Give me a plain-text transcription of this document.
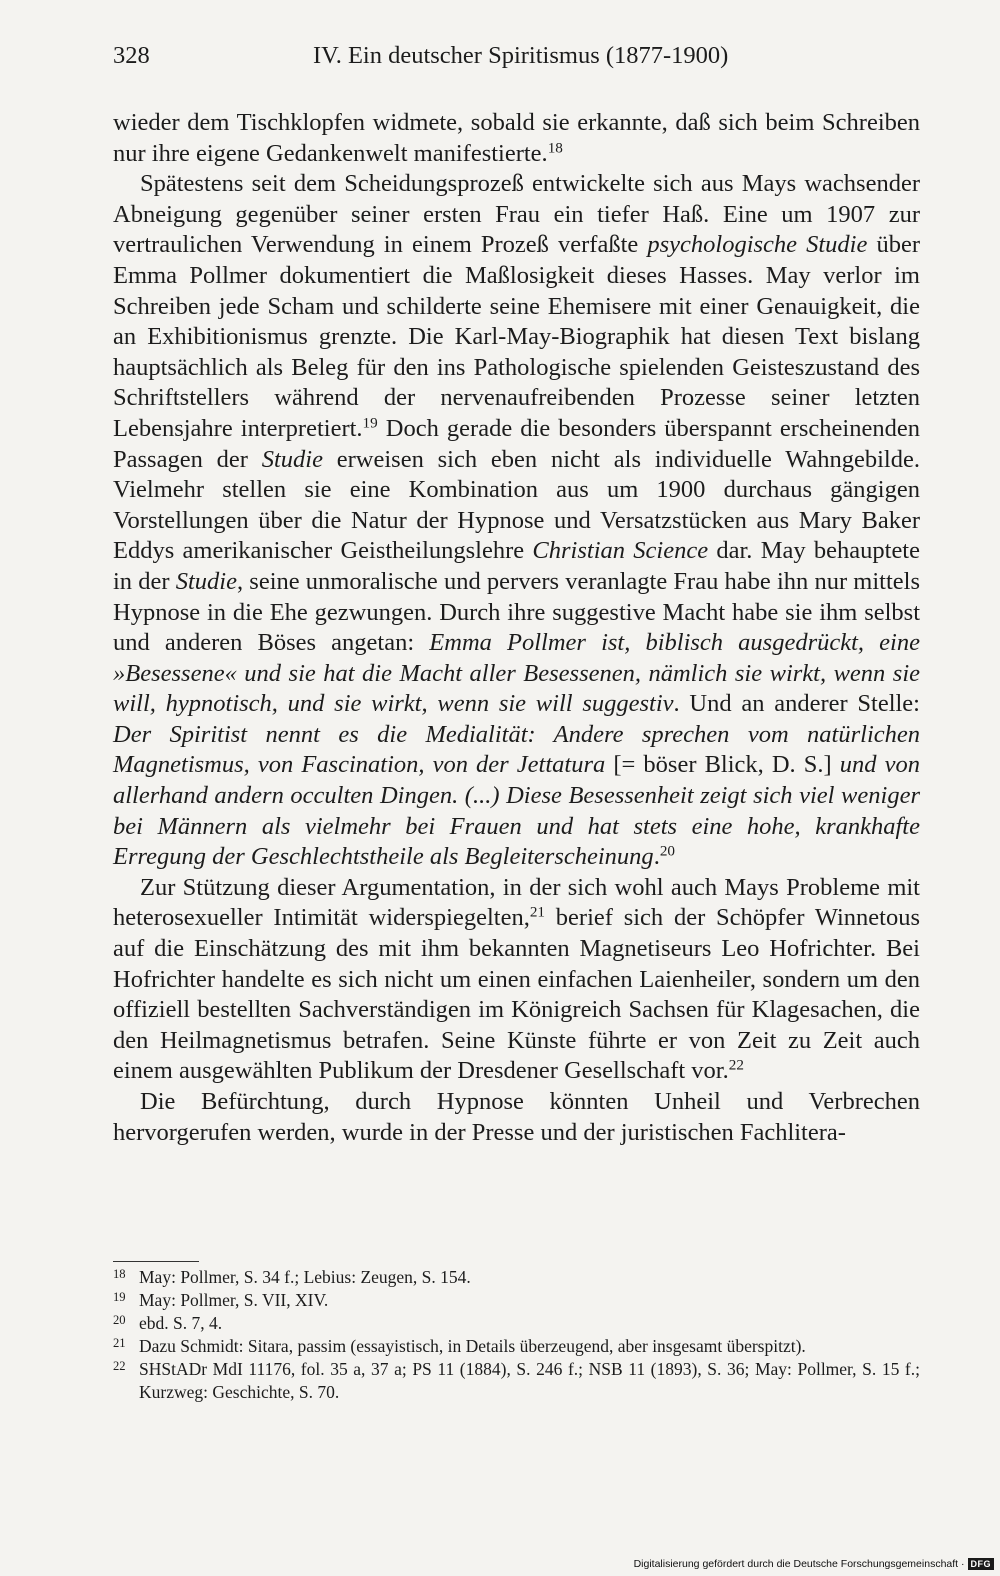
328	IV. Ein deutscher Spiritismus (1877-1900)

wieder dem Tischklopfen widmete, sobald sie erkannte, daß sich beim Schreiben nur ihre eigene Gedankenwelt manifestierte.$^{18}$

Spätestens seit dem Scheidungsprozeß entwickelte sich aus Mays wachsender Abneigung gegenüber seiner ersten Frau ein tiefer Haß. Eine um 1907 zur vertraulichen Verwendung in einem Prozeß verfaßte psychologische Studie über Emma Pollmer dokumentiert die Maßlosigkeit dieses Hasses. May verlor im Schreiben jede Scham und schilderte seine Ehemisere mit einer Genauigkeit, die an Exhibitionismus grenzte. Die Karl-May-Biographik hat diesen Text bislang hauptsächlich als Beleg für den ins Pathologische spielenden Geisteszustand des Schriftstellers während der nervenaufreibenden Prozesse seiner letzten Lebensjahre interpretiert.$^{19}$ Doch gerade die besonders überspannt erscheinenden Passagen der Studie erweisen sich eben nicht als individuelle Wahngebilde. Vielmehr stellen sie eine Kombination aus um 1900 durchaus gängigen Vorstellungen über die Natur der Hypnose und Versatzstücken aus Mary Baker Eddys amerikanischer Geistheilungslehre Christian Science dar. May behauptete in der Studie, seine unmoralische und pervers veranlagte Frau habe ihn nur mittels Hypnose in die Ehe gezwungen. Durch ihre suggestive Macht habe sie ihm selbst und anderen Böses angetan: Emma Pollmer ist, biblisch ausgedrückt, eine »Besessene« und sie hat die Macht aller Besessenen, nämlich sie wirkt, wenn sie will, hypnotisch, und sie wirkt, wenn sie will suggestiv. Und an anderer Stelle: Der Spiritist nennt es die Medialität: Andere sprechen vom natürlichen Magnetismus, von Fascination, von der Jettatura [= böser Blick, D. S.] und von allerhand andern occulten Dingen. (...) Diese Besessenheit zeigt sich viel weniger bei Männern als vielmehr bei Frauen und hat stets eine hohe, krankhafte Erregung der Geschlechtstheile als Begleiterscheinung.$^{20}$

Zur Stützung dieser Argumentation, in der sich wohl auch Mays Probleme mit heterosexueller Intimität widerspiegelten,$^{21}$ berief sich der Schöpfer Winnetous auf die Einschätzung des mit ihm bekannten Magnetiseurs Leo Hofrichter. Bei Hofrichter handelte es sich nicht um einen einfachen Laienheiler, sondern um den offiziell bestellten Sachverständigen im Königreich Sachsen für Klagesachen, die den Heilmagnetismus betrafen. Seine Künste führte er von Zeit zu Zeit auch einem ausgewählten Publikum der Dresdener Gesellschaft vor.$^{22}$

Die Befürchtung, durch Hypnose könnten Unheil und Verbrechen hervorgerufen werden, wurde in der Presse und der juristischen Fachlitera-

18 May: Pollmer, S. 34 f.; Lebius: Zeugen, S. 154.
19 May: Pollmer, S. VII, XIV.
20 ebd. S. 7, 4.
21 Dazu Schmidt: Sitara, passim (essayistisch, in Details überzeugend, aber insgesamt überspitzt).
22 SHStADr MdI 11176, fol. 35 a, 37 a; PS 11 (1884), S. 246 f.; NSB 11 (1893), S. 36; May: Pollmer, S. 15 f.; Kurzweg: Geschichte, S. 70.
Digitalisierung gefördert durch die Deutsche Forschungsgemeinschaft · DFG
